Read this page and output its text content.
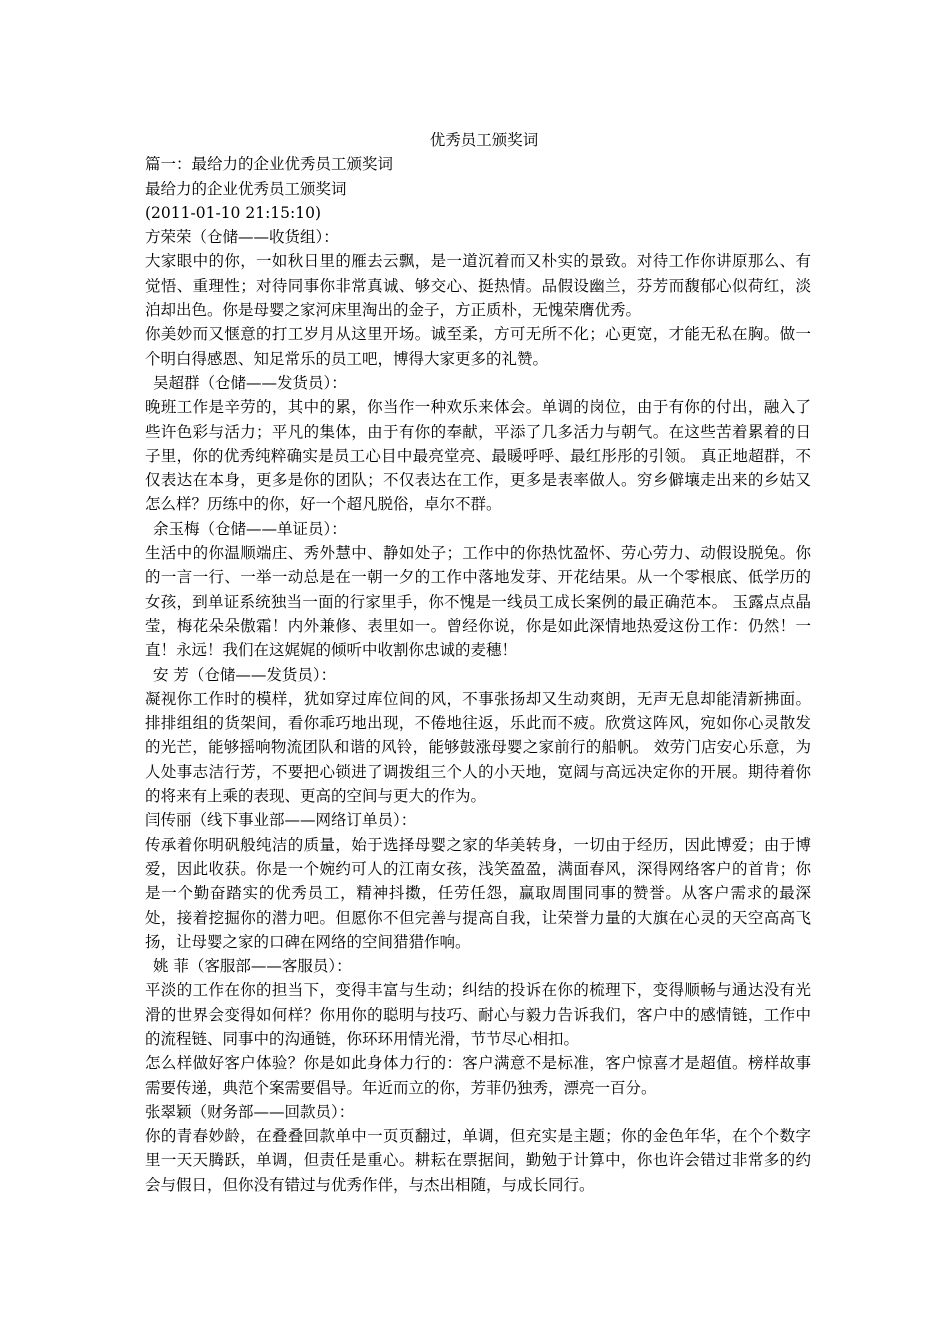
优秀员工颁奖词

篇一：最给力的企业优秀员工颁奖词

最给力的企业优秀员工颁奖词

(2011-01-10 21:15:10)

方荣荣（仓储——收货组）：

大家眼中的你，一如秋日里的雁去云飘，是一道沉着而又朴实的景致。对待工作你讲原那么、有觉悟、重理性；对待同事你非常真诚、够交心、挺热情。品假设幽兰，芬芳而馥郁心似荷红，淡泊却出色。你是母婴之家河床里淘出的金子，方正质朴，无愧荣膺优秀。

你美妙而又惬意的打工岁月从这里开场。诚至柔，方可无所不化；心更宽，才能无私在胸。做一个明白得感恩、知足常乐的员工吧，博得大家更多的礼赞。

吴超群（仓储——发货员）：

晚班工作是辛劳的，其中的累，你当作一种欢乐来体会。单调的岗位，由于有你的付出，融入了些许色彩与活力；平凡的集体，由于有你的奉献，平添了几多活力与朝气。在这些苦着累着的日子里，你的优秀纯粹确实是员工心目中最亮堂亮、最暖呼呼、最红彤彤的引领。 真正地超群，不仅表达在本身，更多是你的团队；不仅表达在工作，更多是表率做人。穷乡僻壤走出来的乡姑又怎么样？历练中的你，好一个超凡脱俗，卓尔不群。

余玉梅（仓储——单证员）：

生活中的你温顺端庄、秀外慧中、静如处子；工作中的你热忱盈怀、劳心劳力、动假设脱兔。你的一言一行、一举一动总是在一朝一夕的工作中落地发芽、开花结果。从一个零根底、低学历的女孩，到单证系统独当一面的行家里手，你不愧是一线员工成长案例的最正确范本。 玉露点点晶莹，梅花朵朵傲霜！内外兼修、表里如一。曾经你说，你是如此深情地热爱这份工作：仍然！一直！永远！我们在这娓娓的倾听中收割你忠诚的麦穗！

安 芳（仓储——发货员）：

凝视你工作时的模样，犹如穿过库位间的风，不事张扬却又生动爽朗，无声无息却能清新拂面。排排组组的货架间，看你乖巧地出现，不倦地往返，乐此而不疲。欣赏这阵风，宛如你心灵散发的光芒，能够摇响物流团队和谐的风铃，能够鼓涨母婴之家前行的船帆。 效劳门店安心乐意，为人处事志洁行芳，不要把心锁进了调拨组三个人的小天地，宽阔与高远决定你的开展。期待着你的将来有上乘的表现、更高的空间与更大的作为。

闫传丽（线下事业部——网络订单员）：

传承着你明矾般纯洁的质量，始于选择母婴之家的华美转身，一切由于经历，因此博爱；由于博爱，因此收获。你是一个婉约可人的江南女孩，浅笑盈盈，满面春风，深得网络客户的首肯；你是一个勤奋踏实的优秀员工，精神抖擞，任劳任怨，赢取周围同事的赞誉。从客户需求的最深处，接着挖掘你的潜力吧。但愿你不但完善与提高自我，让荣誉力量的大旗在心灵的天空高高飞扬，让母婴之家的口碑在网络的空间猎猎作响。

姚 菲（客服部——客服员）：

平淡的工作在你的担当下，变得丰富与生动；纠结的投诉在你的梳理下，变得顺畅与通达没有光滑的世界会变得如何样？你用你的聪明与技巧、耐心与毅力告诉我们，客户中的感情链，工作中的流程链、同事中的沟通链，你环环用情光滑，节节尽心相扣。

怎么样做好客户体验？你是如此身体力行的：客户满意不是标准，客户惊喜才是超值。榜样故事需要传递，典范个案需要倡导。年近而立的你，芳菲仍独秀，漂亮一百分。

张翠颖（财务部——回款员）：

你的青春妙龄，在叠叠回款单中一页页翻过，单调，但充实是主题；你的金色年华，在个个数字里一天天腾跃，单调，但责任是重心。耕耘在票据间，勤勉于计算中，你也许会错过非常多的约会与假日，但你没有错过与优秀作伴，与杰出相随，与成长同行。
